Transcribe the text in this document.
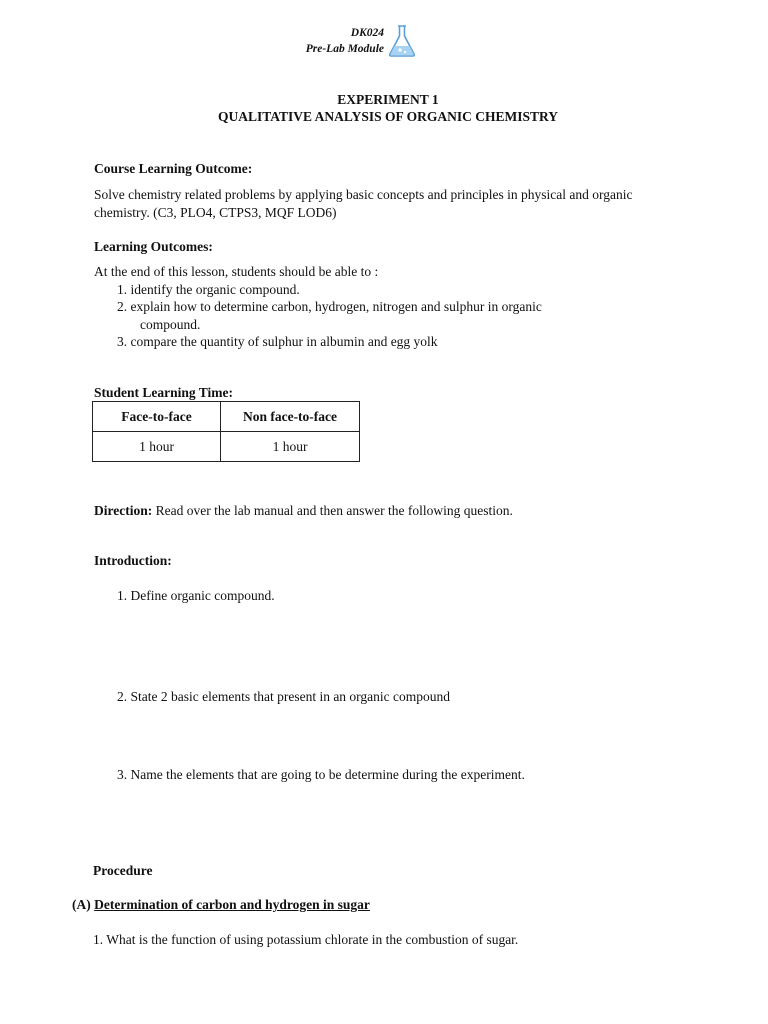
DK024
Pre-Lab Module
EXPERIMENT 1
QUALITATIVE ANALYSIS OF ORGANIC CHEMISTRY
Course Learning Outcome:
Solve chemistry related problems by applying basic concepts and principles in physical and organic chemistry. (C3, PLO4, CTPS3, MQF LOD6)
Learning Outcomes:
At the end of this lesson, students should be able to :
1. identify the organic compound.
2. explain how to determine carbon, hydrogen, nitrogen and sulphur in organic
compound.
3. compare the quantity of sulphur in albumin and egg yolk
Student Learning Time:
Face-to-face	Non face-to-face
1 hour	1 hour
Direction: Read over the lab manual and then answer the following question.
Introduction:
1. Define organic compound.
2. State 2 basic elements that present in an organic compound
3. Name the elements that are going to be determine during the experiment.
Procedure
(A) Determination of carbon and hydrogen in sugar
1. What is the function of using potassium chlorate in the combustion of sugar.
